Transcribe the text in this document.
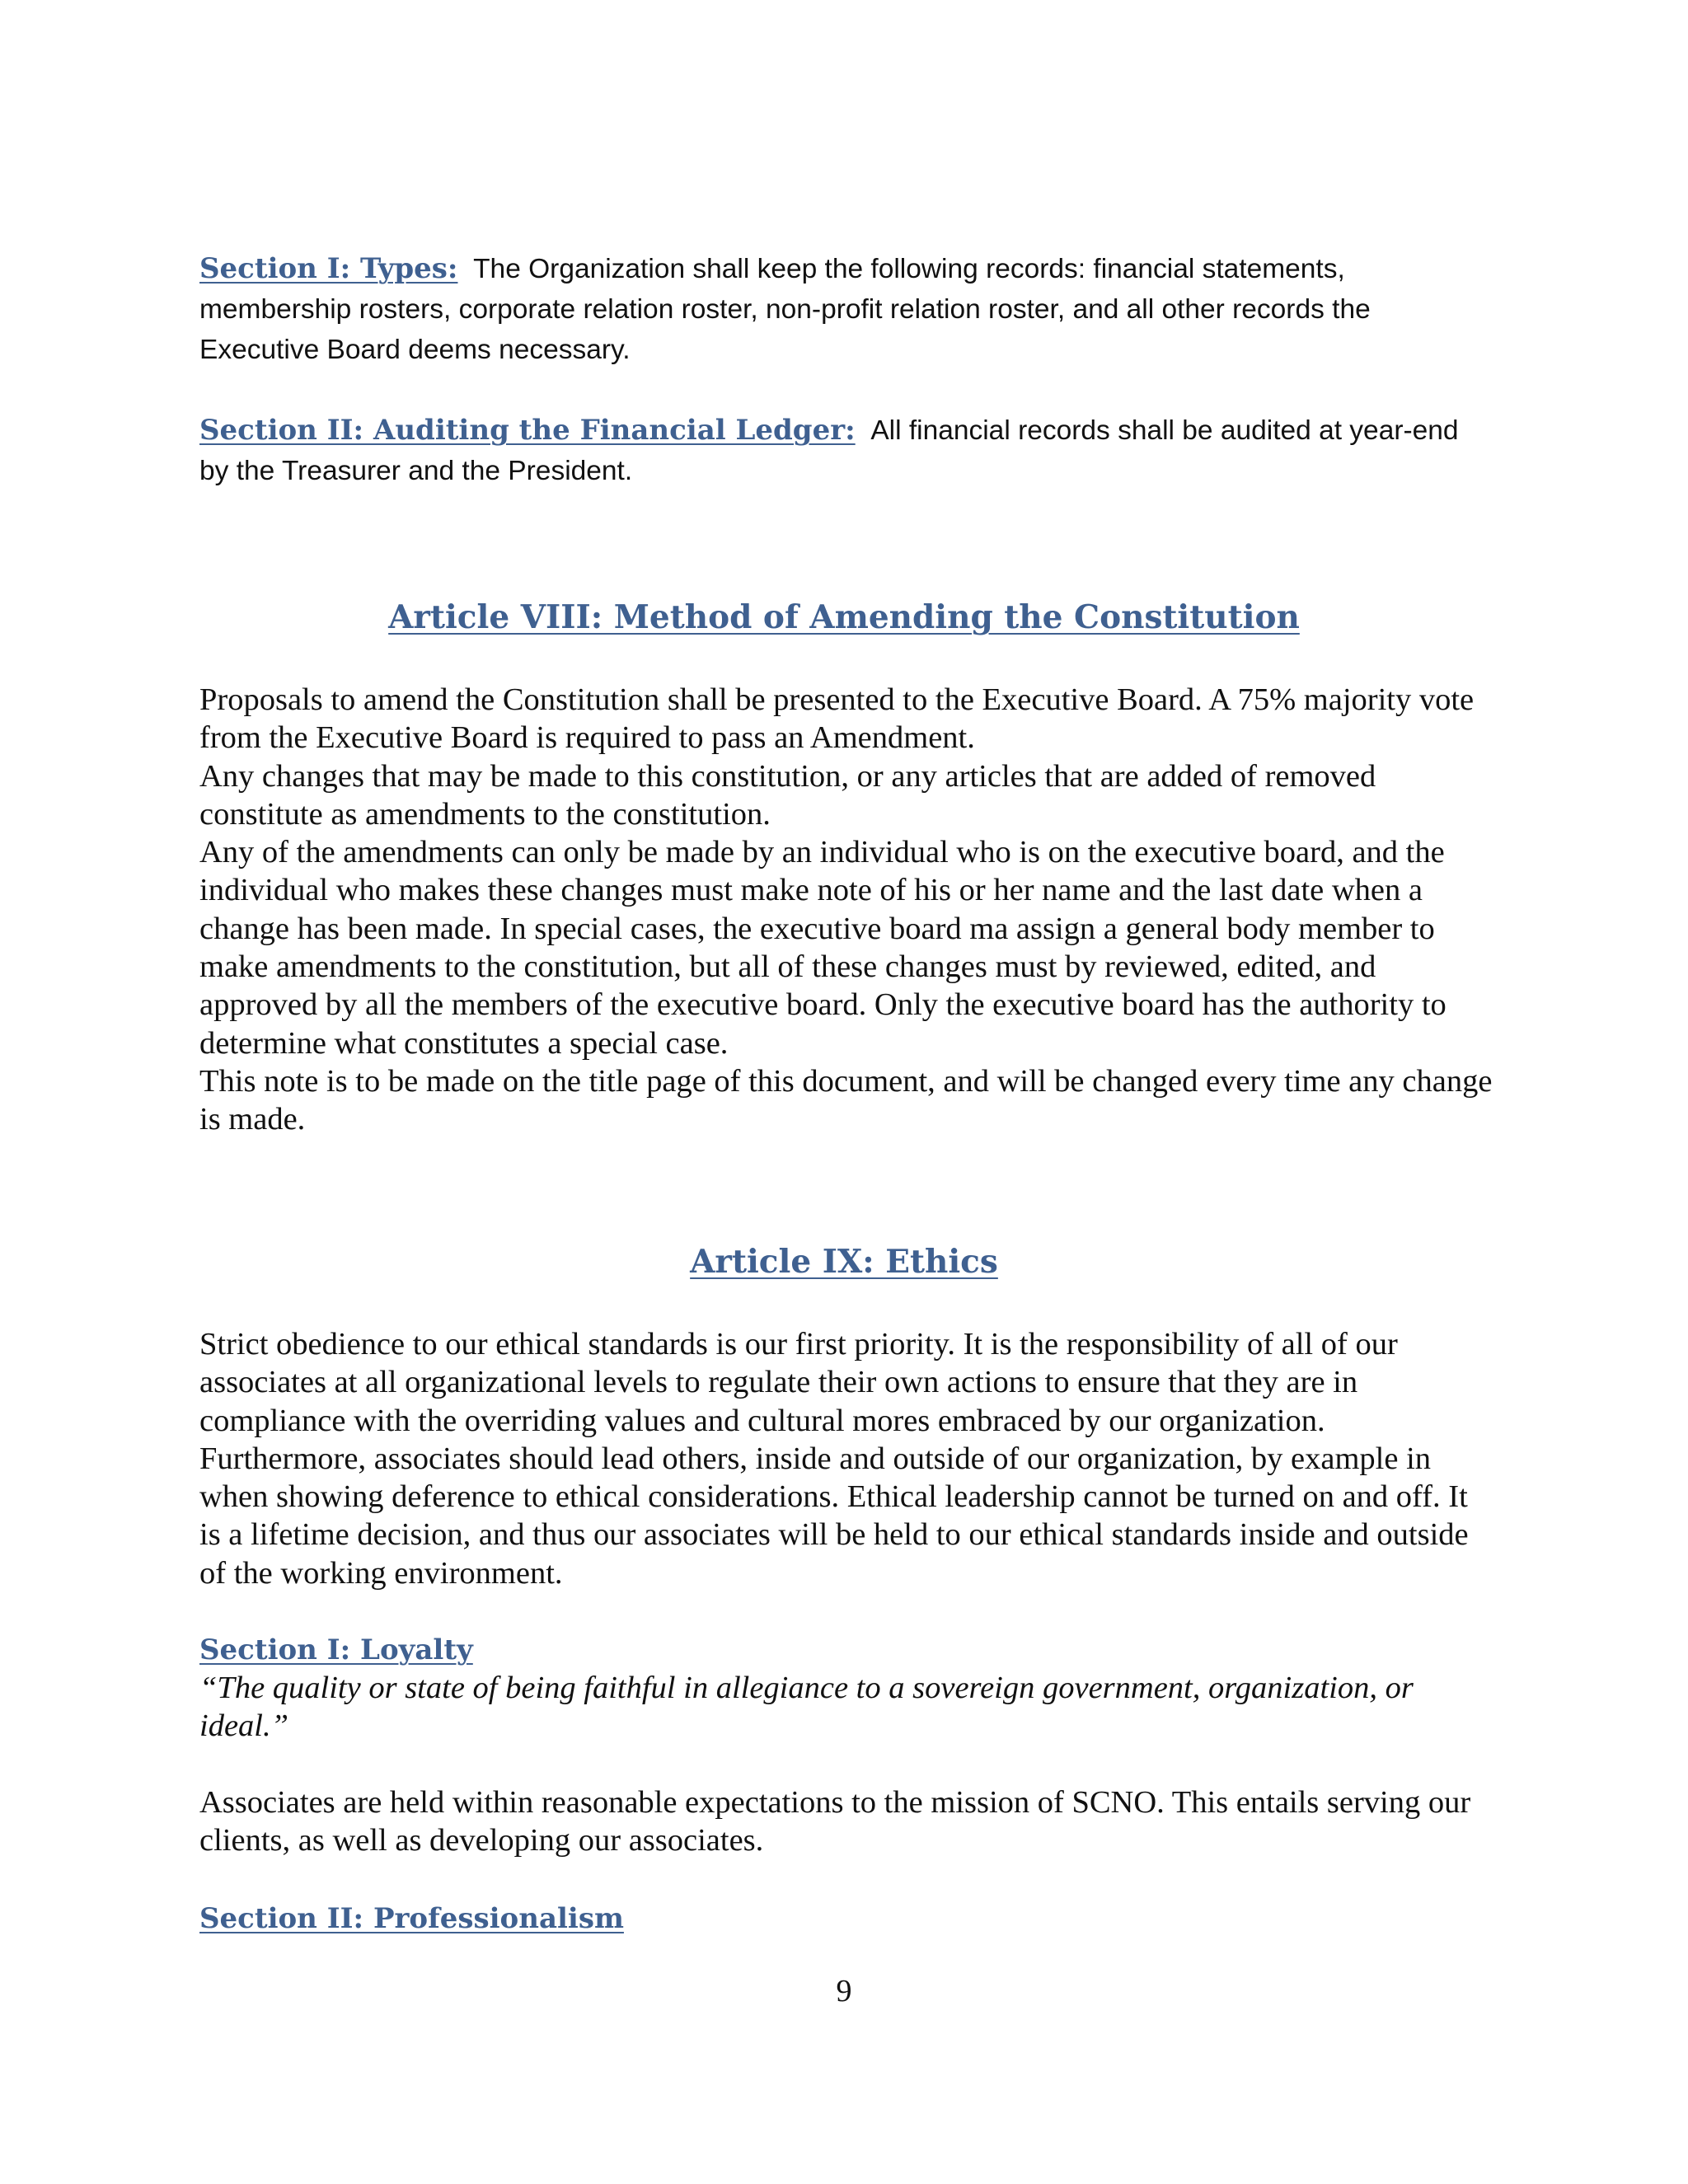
Section I: Types: The Organization shall keep the following records: financial statements, membership rosters, corporate relation roster, non-profit relation roster, and all other records the Executive Board deems necessary.

Section II: Auditing the Financial Ledger: All financial records shall be audited at year-end by the Treasurer and the President.

Article VIII: Method of Amending the Constitution

Proposals to amend the Constitution shall be presented to the Executive Board. A 75% majority vote from the Executive Board is required to pass an Amendment.

Any changes that may be made to this constitution, or any articles that are added of removed constitute as amendments to the constitution.

Any of the amendments can only be made by an individual who is on the executive board, and the individual who makes these changes must make note of his or her name and the last date when a change has been made. In special cases, the executive board ma assign a general body member to make amendments to the constitution, but all of these changes must by reviewed, edited, and approved by all the members of the executive board. Only the executive board has the authority to determine what constitutes a special case.

This note is to be made on the title page of this document, and will be changed every time any change is made.

Article IX: Ethics

Strict obedience to our ethical standards is our first priority. It is the responsibility of all of our associates at all organizational levels to regulate their own actions to ensure that they are in compliance with the overriding values and cultural mores embraced by our organization. Furthermore, associates should lead others, inside and outside of our organization, by example in when showing deference to ethical considerations. Ethical leadership cannot be turned on and off. It is a lifetime decision, and thus our associates will be held to our ethical standards inside and outside of the working environment.

Section I: Loyalty

“The quality or state of being faithful in allegiance to a sovereign government, organization, or ideal.”

Associates are held within reasonable expectations to the mission of SCNO. This entails serving our clients, as well as developing our associates.

Section II: Professionalism
9
